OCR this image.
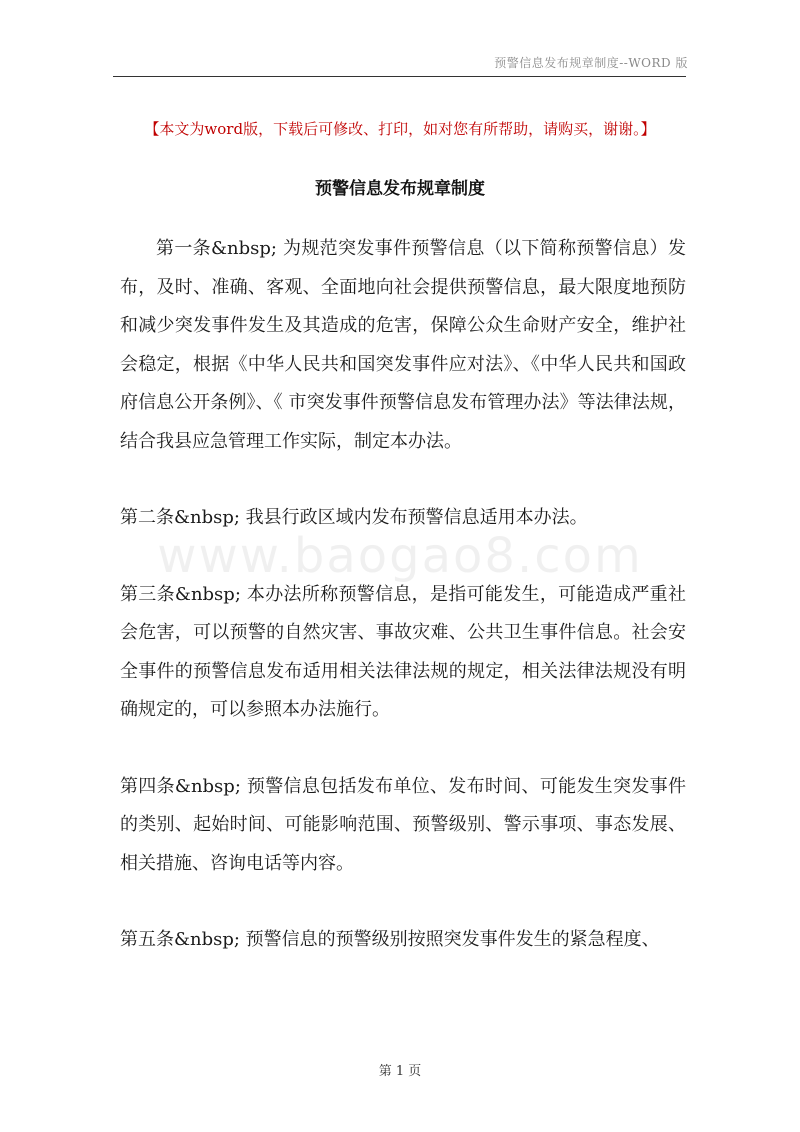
预警信息发布规章制度--WORD 版
【本文为word版，下载后可修改、打印，如对您有所帮助，请购买，谢谢。】
预警信息发布规章制度
www.baogao8.com

第一条&nbsp; 为规范突发事件预警信息（以下简称预警信息）发布，及时、准确、客观、全面地向社会提供预警信息，最大限度地预防和减少突发事件发生及其造成的危害，保障公众生命财产安全，维护社会稳定，根据《中华人民共和国突发事件应对法》、《中华人民共和国政府信息公开条例》、《 市突发事件预警信息发布管理办法》等法律法规，结合我县应急管理工作实际，制定本办法。

第二条&nbsp; 我县行政区域内发布预警信息适用本办法。

第三条&nbsp; 本办法所称预警信息，是指可能发生，可能造成严重社会危害，可以预警的自然灾害、事故灾难、公共卫生事件信息。社会安全事件的预警信息发布适用相关法律法规的规定，相关法律法规没有明确规定的，可以参照本办法施行。

第四条&nbsp; 预警信息包括发布单位、发布时间、可能发生突发事件的类别、起始时间、可能影响范围、预警级别、警示事项、事态发展、相关措施、咨询电话等内容。

第五条&nbsp; 预警信息的预警级别按照突发事件发生的紧急程度、

第 1 页
